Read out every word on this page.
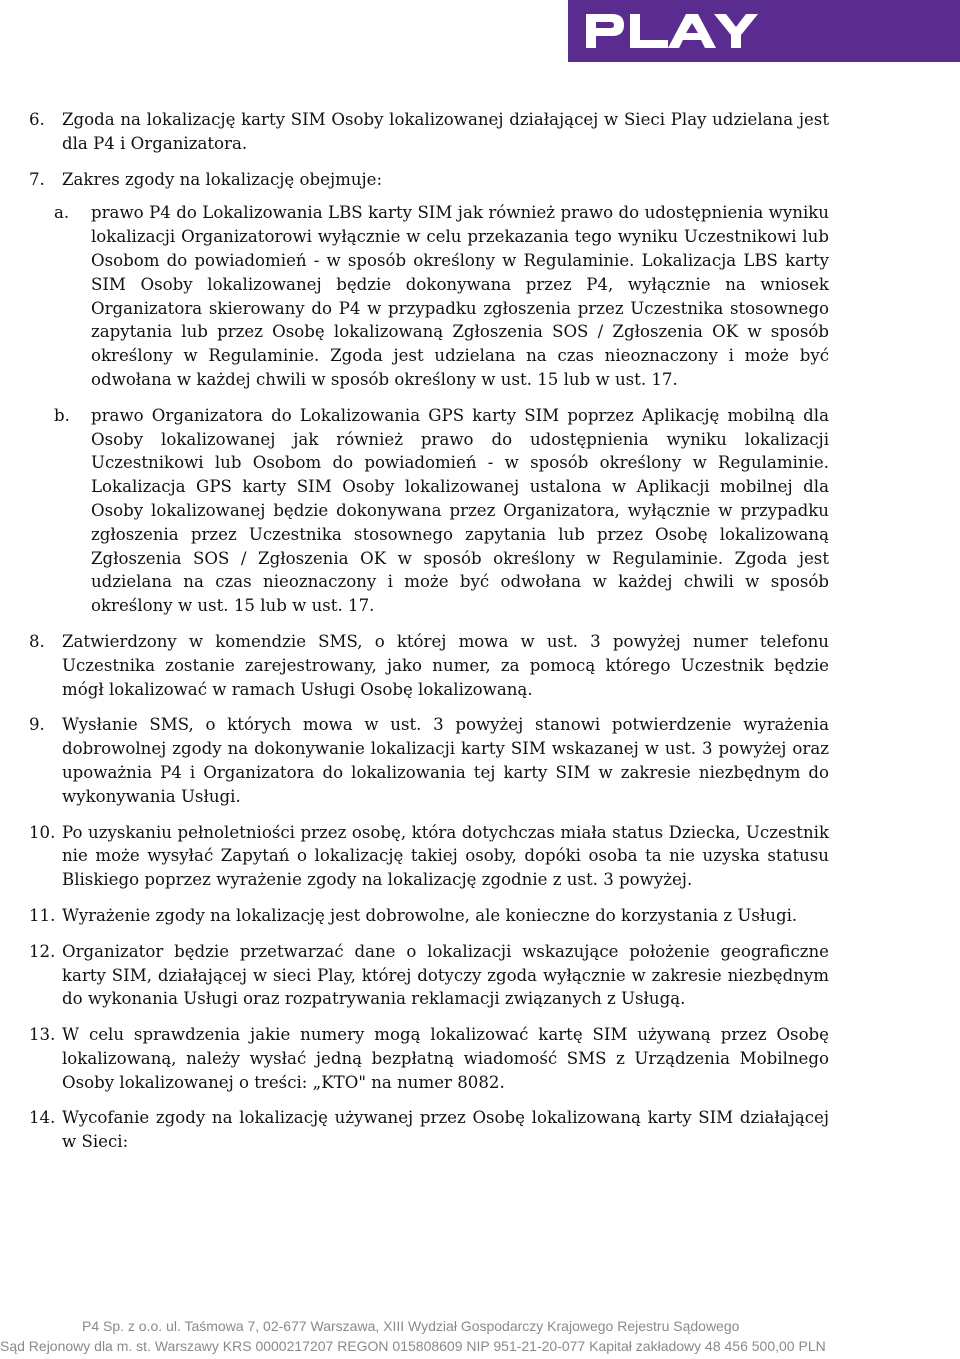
6.	Zgoda na lokalizację karty SIM Osoby lokalizowanej działającej w Sieci Play udzielana jest dla P4 i Organizatora.
7.	Zakres zgody na lokalizację obejmuje:
a.	prawo P4 do Lokalizowania LBS karty SIM jak również prawo do udostępnienia wyniku lokalizacji Organizatorowi wyłącznie w celu przekazania tego wyniku Uczestnikowi lub Osobom do powiadomień - w sposób określony w Regulaminie. Lokalizacja LBS karty SIM Osoby lokalizowanej będzie dokonywana przez P4, wyłącznie na wniosek Organizatora skierowany do P4 w przypadku zgłoszenia przez Uczestnika stosownego zapytania lub przez Osobę lokalizowaną Zgłoszenia SOS / Zgłoszenia OK w sposób określony w Regulaminie. Zgoda jest udzielana na czas nieoznaczony i może być odwołana w każdej chwili w sposób określony w ust. 15 lub w ust. 17.
b.	prawo Organizatora do Lokalizowania GPS karty SIM poprzez Aplikację mobilną dla Osoby lokalizowanej jak również prawo do udostępnienia wyniku lokalizacji Uczestnikowi lub Osobom do powiadomień - w sposób określony w Regulaminie. Lokalizacja GPS karty SIM Osoby lokalizowanej ustalona w Aplikacji mobilnej dla Osoby lokalizowanej będzie dokonywana przez Organizatora, wyłącznie w przypadku zgłoszenia przez Uczestnika stosownego zapytania lub przez Osobę lokalizowaną Zgłoszenia SOS / Zgłoszenia OK w sposób określony w Regulaminie. Zgoda jest udzielana na czas nieoznaczony i może być odwołana w każdej chwili w sposób określony w ust. 15 lub w ust. 17.
8.	Zatwierdzony w komendzie SMS, o której mowa w ust. 3 powyżej numer telefonu Uczestnika zostanie zarejestrowany, jako numer, za pomocą którego Uczestnik będzie mógł lokalizować w ramach Usługi Osobę lokalizowaną.
9.	Wysłanie SMS, o których mowa w ust. 3 powyżej stanowi potwierdzenie wyrażenia dobrowolnej zgody na dokonywanie lokalizacji karty SIM wskazanej w ust. 3 powyżej oraz upoważnia P4 i Organizatora do lokalizowania tej karty SIM w zakresie niezbędnym do wykonywania Usługi.
10. Po uzyskaniu pełnoletniości przez osobę, która dotychczas miała status Dziecka, Uczestnik nie może wysyłać Zapytań o lokalizację takiej osoby, dopóki osoba ta nie uzyska statusu Bliskiego poprzez wyrażenie zgody na lokalizację zgodnie z ust. 3 powyżej.
11. Wyrażenie zgody na lokalizację jest dobrowolne, ale konieczne do korzystania z Usługi.
12. Organizator będzie przetwarzać dane o lokalizacji wskazujące położenie geograficzne karty SIM, działającej w sieci Play, której dotyczy zgoda wyłącznie w zakresie niezbędnym do wykonania Usługi oraz rozpatrywania reklamacji związanych z Usługą.
13. W celu sprawdzenia jakie numery mogą lokalizować kartę SIM używaną przez Osobę lokalizowaną, należy wysłać jedną bezpłatną wiadomość SMS z Urządzenia Mobilnego Osoby lokalizowanej o treści: „KTO" na numer 8082.
14. Wycofanie zgody na lokalizację używanej przez Osobę lokalizowaną karty SIM działającej w Sieci:
P4 Sp. z o.o. ul. Taśmowa 7, 02-677 Warszawa, XIII Wydział Gospodarczy Krajowego Rejestru Sądowego
Sąd Rejonowy dla m. st. Warszawy KRS 0000217207 REGON 015808609 NIP 951-21-20-077 Kapitał zakładowy 48 456 500,00 PLN
